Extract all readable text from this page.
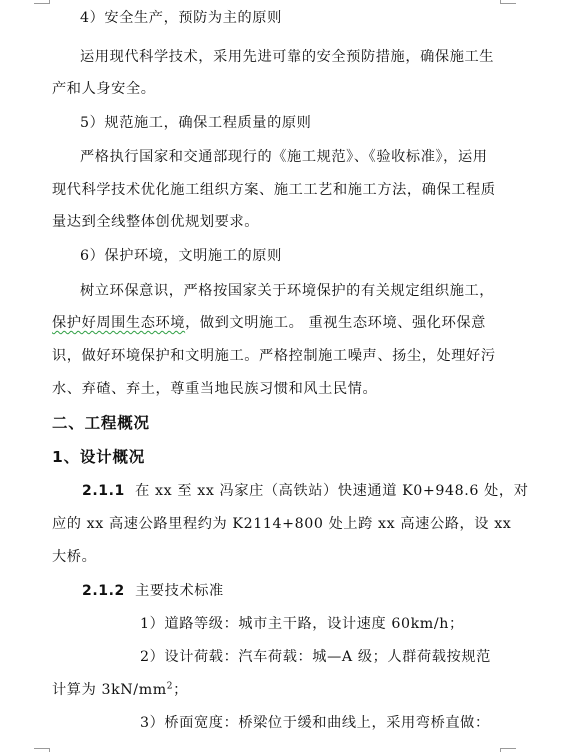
4）安全生产，预防为主的原则
运用现代科学技术，采用先进可靠的安全预防措施，确保施工生
产和人身安全。
5）规范施工，确保工程质量的原则
严格执行国家和交通部现行的《施工规范》、《验收标准》，运用
现代科学技术优化施工组织方案、施工工艺和施工方法，确保工程质
量达到全线整体创优规划要求。
6）保护环境，文明施工的原则
树立环保意识，严格按国家关于环境保护的有关规定组织施工，
保护好周围生态环境，做到文明施工。 重视生态环境、强化环保意
识，做好环境保护和文明施工。严格控制施工噪声、扬尘，处理好污
水、弃碴、弃土，尊重当地民族习惯和风土民情。
二、工程概况
1、设计概况
2.1.1 在 xx 至 xx 冯家庄（高铁站）快速通道 K0+948.6 处，对
应的 xx 高速公路里程约为 K2114+800 处上跨 xx 高速公路，设 xx
大桥。
2.1.2 主要技术标准
1）道路等级：城市主干路，设计速度 60km/h；
2）设计荷载：汽车荷载：城—A 级；人群荷载按规范
计算为 $3kN/mm^2$；
3）桥面宽度：桥梁位于缓和曲线上，采用弯桥直做：
